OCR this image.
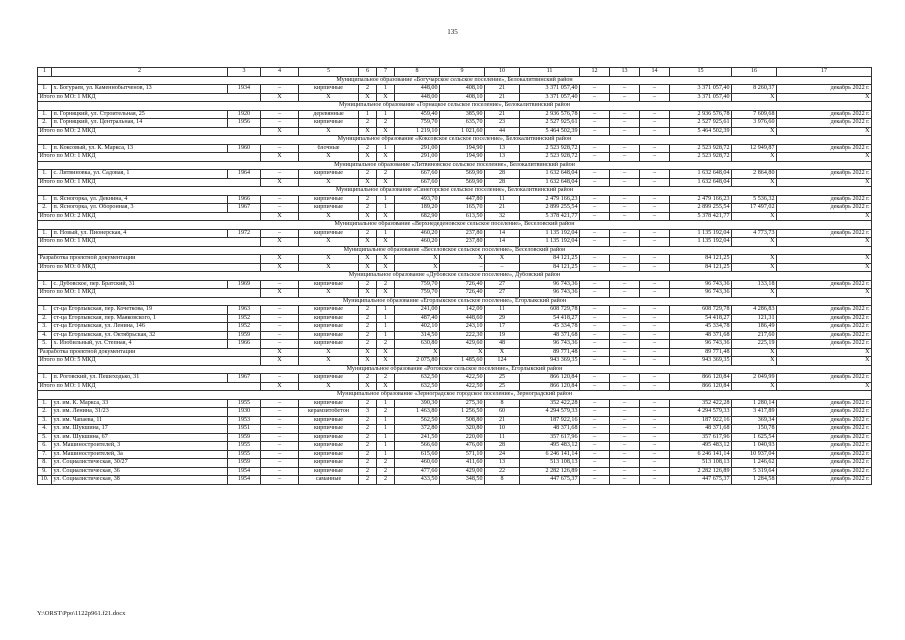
135
1	2	3	4	5	6	7	8	9	10	11	12	13	14	15	16	17
Муниципальное образование «Богучарское сельское поселение», Белокалитвинский район																
1.	х. Богураев, ул. Каменнобытченов, 13	1934	–	кирпичные	2	1	448,00	408,10	21	3 371 057,40	–	–	–	3 371 057,40	8 260,37	декабрь 2022 г.
Итого по МО: 1 МКД			X	X	X	X	448,00	408,10	21	3 371 057,40	–	–	–	3 371 057,40	X	X
Муниципальное образование «Горнацкое сельское поселение», Белокалитвинский район																
1.	п. Горняцкий, ул. Строительная, 25	1920	–	деревянные	1	1	459,40	385,90	21	2 936 576,78	–	–	–	2 936 576,78	7 609,68	декабрь 2022 г.
2.	п. Горняцкий, ул. Центральная, 14	1956	–	кирпичные	2	2	759,70	635,70	23	2 527 925,61	–	–	–	2 527 925,61	3 976,60	декабрь 2022 г.
Итого по МО: 2 МКД			X	X	X	X	1 219,10	1 021,60	44	5 464 502,39	–	–	–	5 464 502,39	X	X
Муниципальное образование «Коксовское сельское поселение», Белокалитвинский район																
1.	п. Коксовый, ул. К. Маркса, 13	1960	–	блочные	2	1	291,00	194,90	13	2 523 928,72	–	–	–	2 523 928,72	12 949,87	декабрь 2022 г.
Итого по МО: 1 МКД			X	X	X	X	291,00	194,90	13	2 523 928,72	–	–	–	2 523 928,72	X	X
Муниципальное образование «Литвиновское сельское поселение», Белокалитвинский район																
1.	с. Литвиновка, ул. Садовая, 1	1964	–	кирпичные	2	2	667,60	569,90	28	1 632 648,04	–	–	–	1 632 648,04	2 864,80	декабрь 2022 г.
Итого по МО: 1 МКД			X	X	X	X	667,60	569,90	28	1 632 648,04	–	–	–	1 632 648,04	X	X
Муниципальное образование «Синегорское сельское поселение», Белокалитвинский район																
1.	п. Ясногорка, ул. Декнина, 4	1966	–	кирпичные	2	1	493,70	447,80	11	2 479 166,23	–	–	–	2 479 166,23	5 536,32	декабрь 2022 г.
2.	п. Ясногорка, ул. Оборонная, 3	1967	–	кирпичные	2	1	189,20	165,70	21	2 899 255,54	–	–	–	2 899 255,54	17 497,02	декабрь 2022 г.
Итого по МО: 2 МКД			X	X	X	X	682,90	613,50	32	5 378 421,77	–	–	–	5 378 421,77	X	X
Муниципальное образование «Верхнедеденовское сельское поселение», Веселовский район																
1.	п. Новый, ул. Пионерская, 4	1972	–	кирпичные	2	1	460,20	237,80	14	1 135 192,04	–	–	–	1 135 192,04	4 773,73	декабрь 2022 г.
Итого по МО: 1 МКД			X	X	X	X	460,20	237,80	14	1 135 192,04	–	–	–	1 135 192,04	X	X
Муниципальное образование «Веселовское сельское поселение», Веселовский район																
Разработка проектной документации			X	X	X	X	X	X	X	84 121,25	–	–	–	84 121,25	X	X
Итого по МО: 0 МКД			X	X	X	X	X	–	–	84 121,25	–	–	–	84 121,25	X	X
Муниципальное образование «Дубовское сельское поселение», Дубовский район																
1.	с. Дубовское, пер. Братский, 31	1969	–	кирпичные	2	2	759,70	726,40	27	96 743,36	–	–	–	96 743,36	133,18	декабрь 2022 г.
Итого по МО: 1 МКД			X	X	X	X	759,70	726,40	27	96 743,36	–	–	–	96 743,36	X	X
Муниципальное образование «Егорлыкское сельское поселение», Егорлыкский район																
1.	ст-ца Егорлыкская, пер. Кочеткова, 19	1963	–	кирпичные	2	1	241,00	142,00	11	608 729,78	–	–	–	608 729,78	4 286,83	декабрь 2022 г.
2.	ст-ца Егорлыкская, пер. Маяковского, 1	1952	–	кирпичные	2	1	487,40	448,60	29	54 418,27	–	–	–	54 418,27	121,31	декабрь 2022 г.
3.	ст-ца Егорлыкская, ул. Ленина, 146	1952	–	кирпичные	2	1	402,10	243,10	17	45 334,78	–	–	–	45 334,78	186,49	декабрь 2022 г.
4.	ст-ца Егорлыкская, ул. Октябрьская, 32	1959	–	кирпичные	2	1	314,50	222,30	19	48 371,68	–	–	–	48 371,68	217,60	декабрь 2022 г.
5.	х. Изобильный, ул. Степная, 4	1966	–	кирпичные	2	2	630,80	429,60	48	96 743,36	–	–	–	96 743,36	225,19	декабрь 2022 г.
Разработка проектной документации			X	X	X	X	X	X	X	89 771,48	–	–	–	89 771,48	X	X
Итого по МО: 5 МКД			X	X	X	X	2 075,80	1 485,60	124	943 369,35	–	–	–	943 369,35	X	X
Муниципальное образование «Роговское сельское поселение», Егорлыкский район																
1.	п. Роговский, ул. Пешеходько, 31	1967	–	кирпичные	2	2	632,50	422,50	25	866 120,84	–	–	–	866 120,84	2 049,99	декабрь 2022 г.
Итого по МО: 1 МКД			X	X	X	X	632,50	422,50	25	866 120,84	–	–	–	866 120,84	X	X
Муниципальное образование «Зерноградское городское поселение», Зерноградский район																
1.	ул. им. К. Маркса, 33	1955	–	кирпичные	2	1	390,30	275,30	8	352 422,28	–	–	–	352 422,28	1 280,14	декабрь 2022 г.
2.	ул. им. Ленина, 31/23	1930	–	керамзитобетон	3	2	1 463,80	1 256,50	60	4 294 579,33	–	–	–	4 294 579,33	3 417,89	декабрь 2022 г.
3.	ул. им. Чапаева, 11	1953	–	кирпичные	2	1	562,50	508,80	21	187 922,16	–	–	–	187 922,16	369,34	декабрь 2022 г.
4.	ул. им. Шукшина, 17	1951	–	кирпичные	2	1	372,80	320,80	10	48 371,68	–	–	–	48 371,68	150,78	декабрь 2022 г.
5.	ул. им. Шукшина, 67	1959	–	кирпичные	2	1	241,50	220,00	11	357 617,96	–	–	–	357 617,96	1 625,54	декабрь 2022 г.
6.	ул. Машиностроителей, 3	1955	–	кирпичные	2	1	566,60	476,00	28	495 483,12	–	–	–	495 483,12	1 040,93	декабрь 2022 г.
7.	ул. Машиностроителей, 3а	1955	–	кирпичные	2	1	615,60	571,10	24	6 246 141,14	–	–	–	6 246 141,14	10 937,04	декабрь 2022 г.
8.	ул. Социалистическая, 30/27	1959	–	кирпичные	2	2	460,60	411,60	13	513 108,13	–	–	–	513 108,13	1 246,62	декабрь 2022 г.
9.	ул. Социалистическая, 36	1954	–	кирпичные	2	2	477,60	429,00	22	2 282 126,89	–	–	–	2 282 126,89	5 319,64	декабрь 2022 г.
10.	ул. Социалистическая, 38	1954	–	саманные	2	2	433,50	348,50	8	447 675,37	–	–	–	447 675,37	1 284,58	декабрь 2022 г.
Y:\ORST\Ppo\1122p961.f21.docx
